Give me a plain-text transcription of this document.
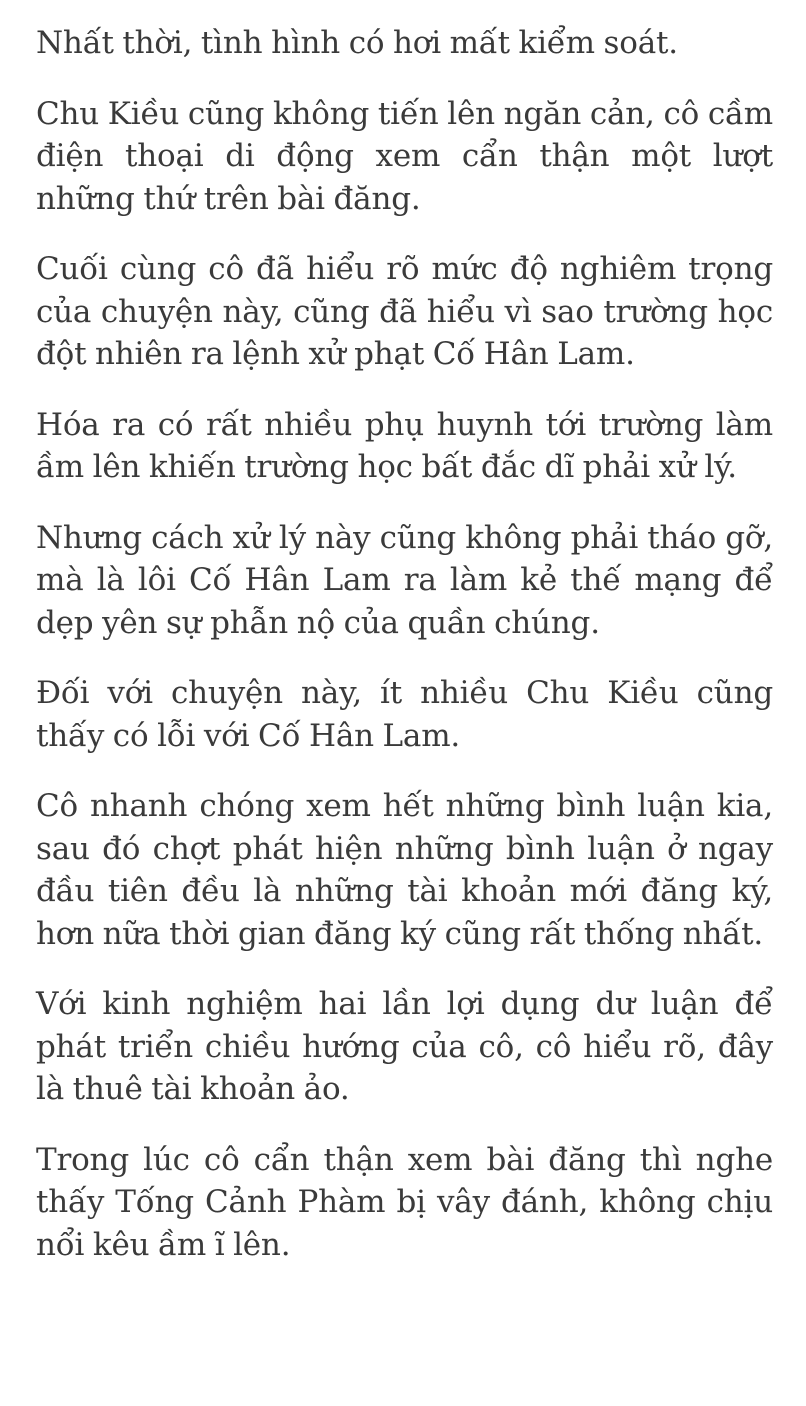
Nhất thời, tình hình có hơi mất kiểm soát.

Chu Kiều cũng không tiến lên ngăn cản, cô cầm điện thoại di động xem cẩn thận một lượt những thứ trên bài đăng.

Cuối cùng cô đã hiểu rõ mức độ nghiêm trọng của chuyện này, cũng đã hiểu vì sao trường học đột nhiên ra lệnh xử phạt Cố Hân Lam.

Hóa ra có rất nhiều phụ huynh tới trường làm ầm lên khiến trường học bất đắc dĩ phải xử lý.

Nhưng cách xử lý này cũng không phải tháo gỡ, mà là lôi Cố Hân Lam ra làm kẻ thế mạng để dẹp yên sự phẫn nộ của quần chúng.

Đối với chuyện này, ít nhiều Chu Kiều cũng thấy có lỗi với Cố Hân Lam.

Cô nhanh chóng xem hết những bình luận kia, sau đó chợt phát hiện những bình luận ở ngay đầu tiên đều là những tài khoản mới đăng ký, hơn nữa thời gian đăng ký cũng rất thống nhất.

Với kinh nghiệm hai lần lợi dụng dư luận để phát triển chiều hướng của cô, cô hiểu rõ, đây là thuê tài khoản ảo.

Trong lúc cô cẩn thận xem bài đăng thì nghe thấy Tống Cảnh Phàm bị vây đánh, không chịu nổi kêu ầm ĩ lên.
